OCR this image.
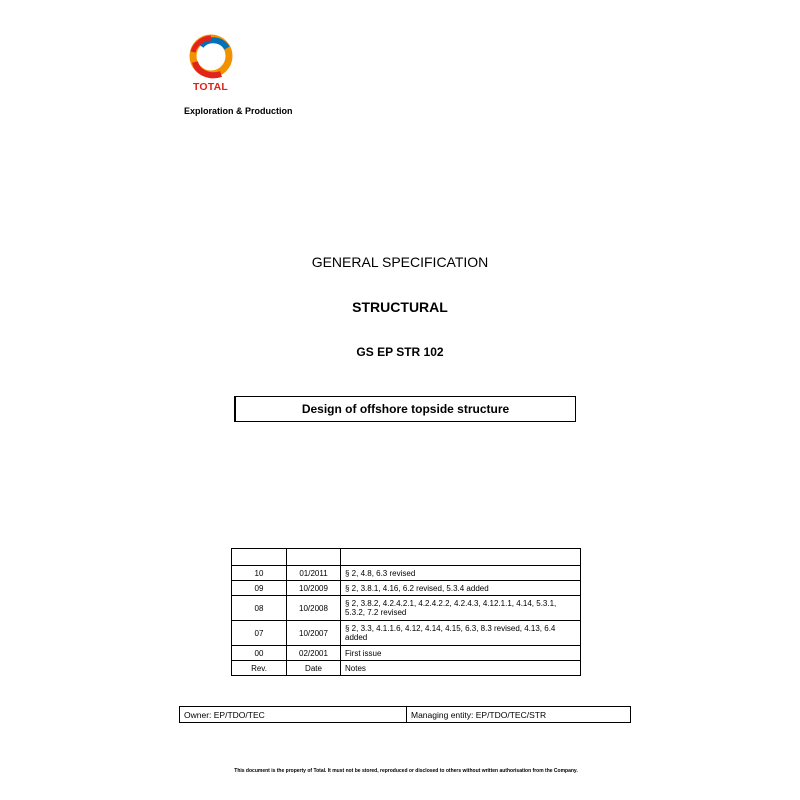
TOTAL
Exploration & Production
GENERAL SPECIFICATION
STRUCTURAL
GS EP STR 102
Design of offshore topside structure

10	01/2011	§ 2, 4.8, 6.3 revised
09	10/2009	§ 2, 3.8.1, 4.16, 6.2 revised, 5.3.4 added
08	10/2008	§ 2, 3.8.2, 4.2.4.2.1, 4.2.4.2.2, 4.2.4.3, 4.12.1.1, 4.14, 5.3.1, 5.3.2, 7.2 revised
07	10/2007	§ 2, 3.3, 4.1.1.6, 4.12, 4.14, 4.15, 6.3, 8.3 revised, 4.13, 6.4 added
00	02/2001	First issue
Rev.	Date	Notes
Owner: EP/TDO/TEC	Managing entity: EP/TDO/TEC/STR
This document is the property of Total. It must not be stored, reproduced or disclosed to others without written authorisation from the Company.
